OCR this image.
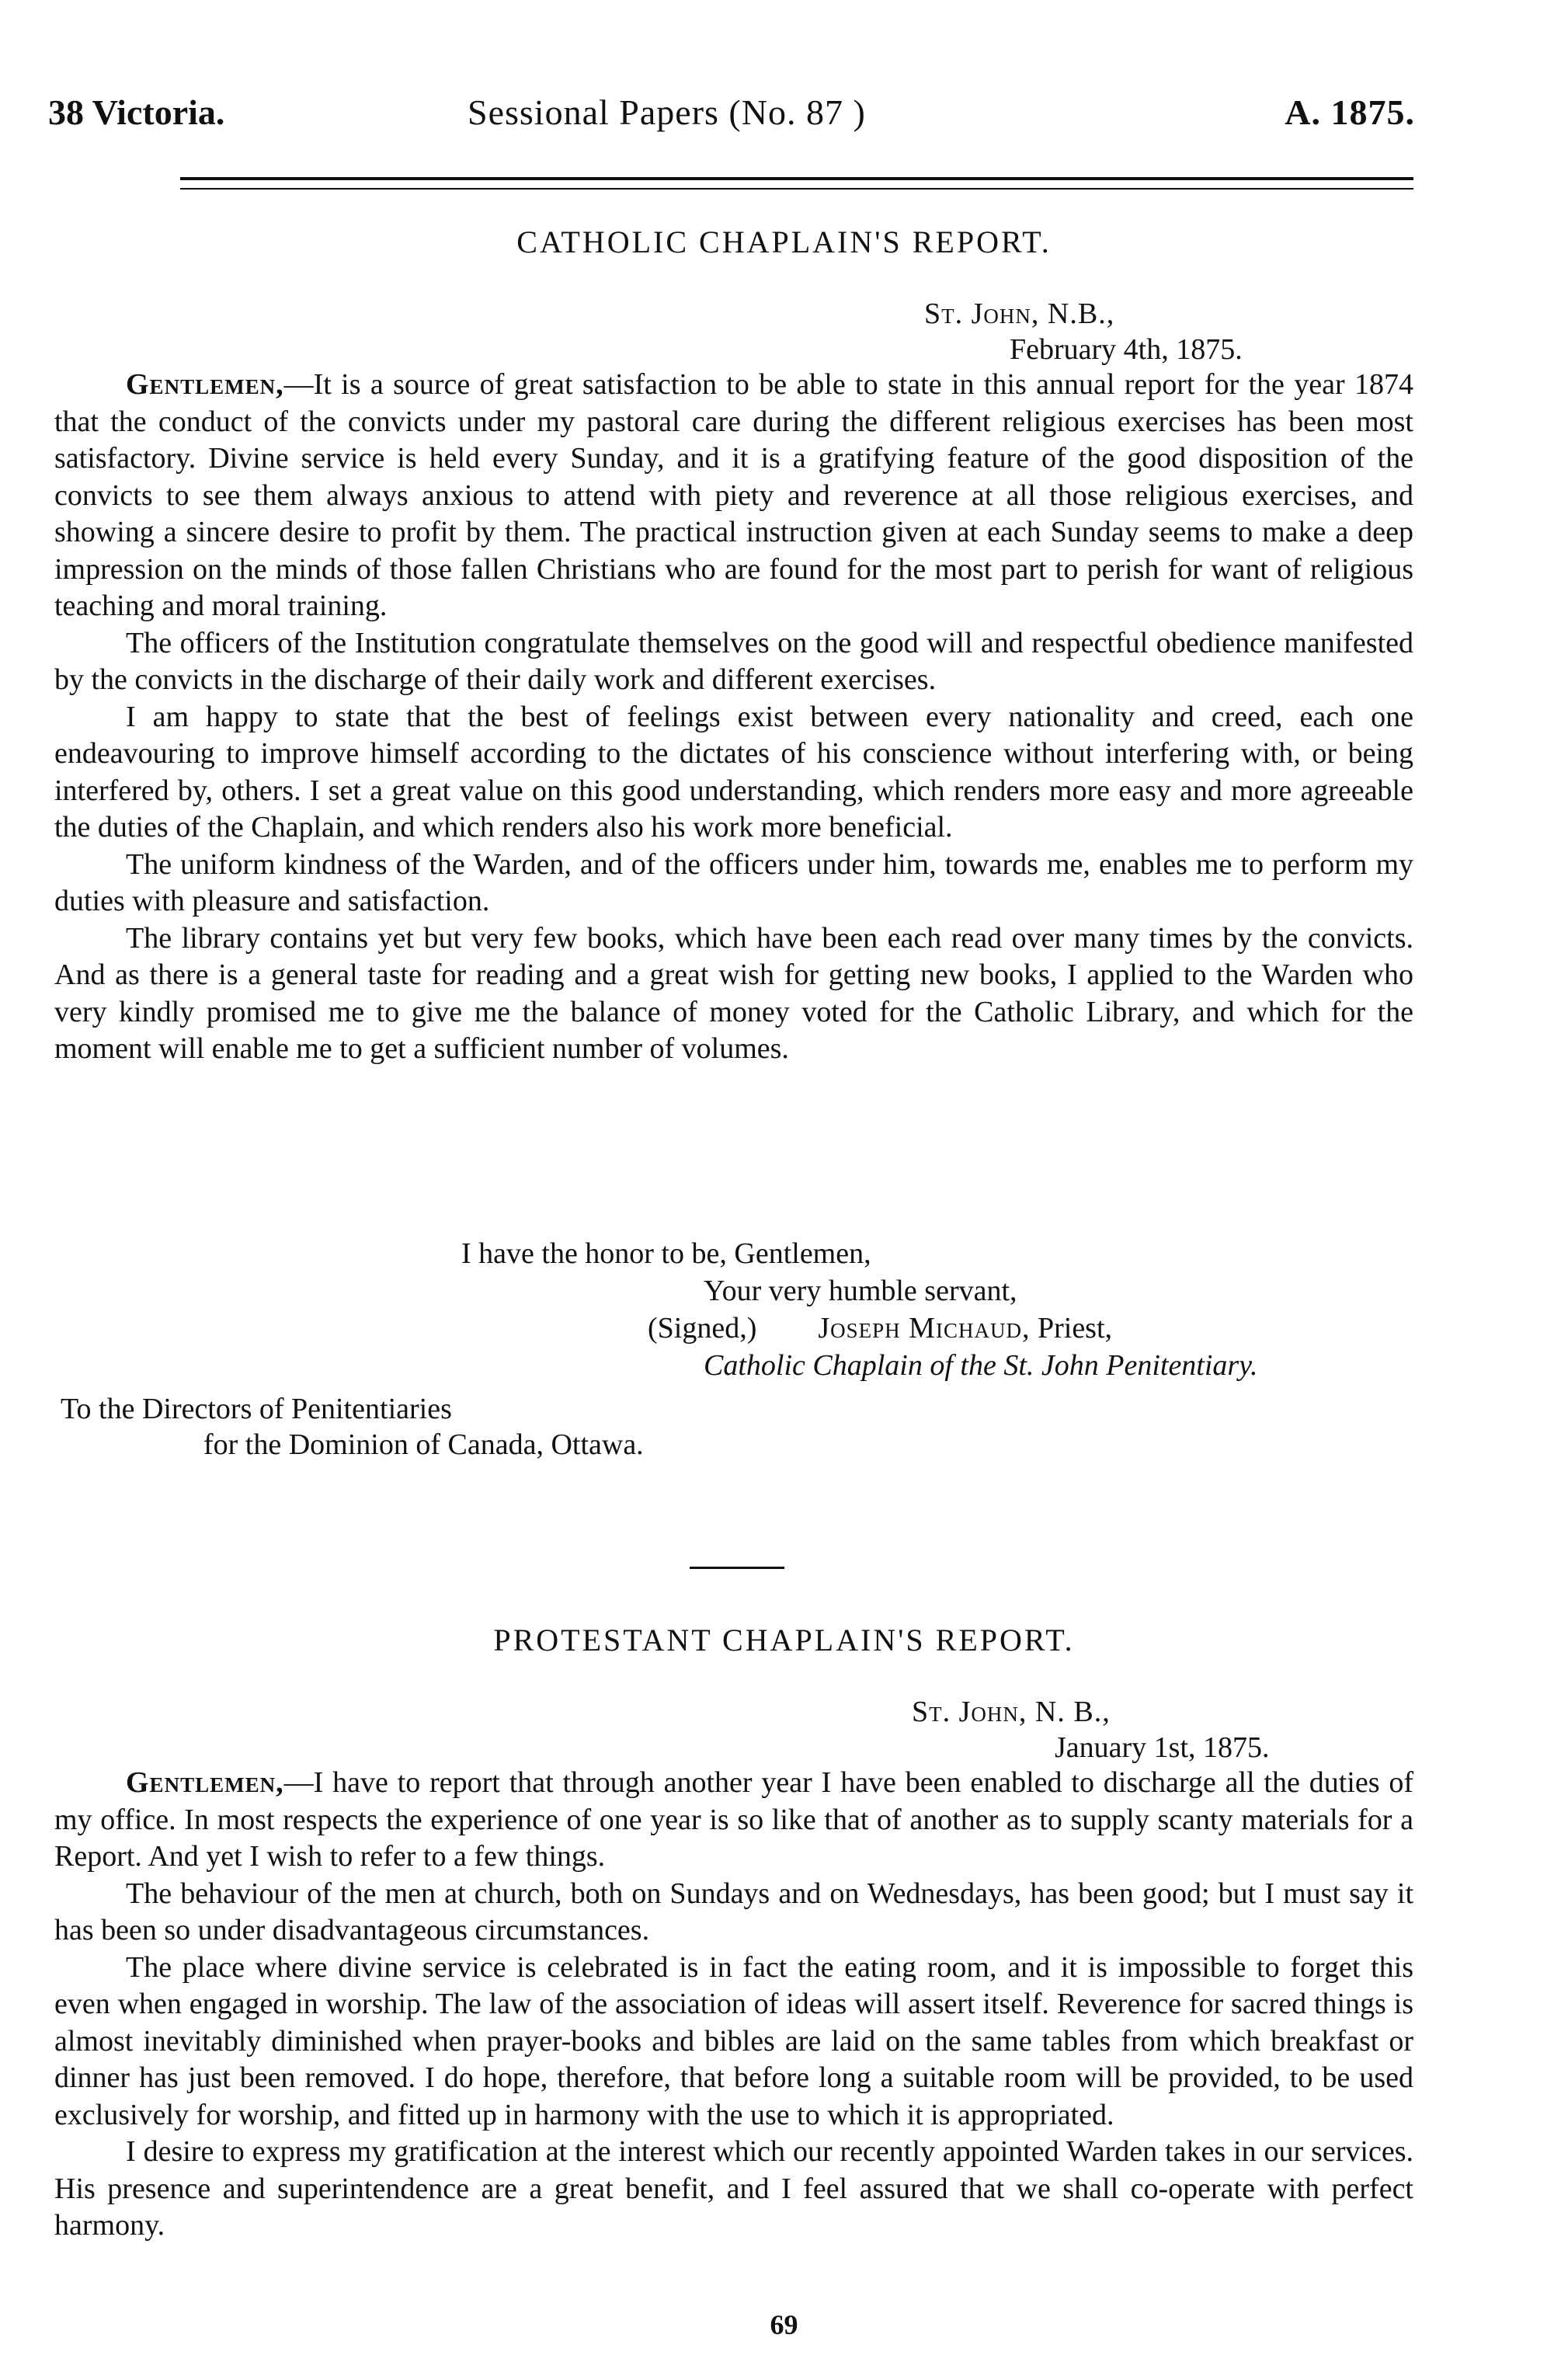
38 Victoria.	Sessional Papers (No. 87 )	A. 1875.
CATHOLIC CHAPLAIN'S REPORT.
St. John, N.B.,
February 4th, 1875.

Gentlemen,—It is a source of great satisfaction to be able to state in this annual report for the year 1874 that the conduct of the convicts under my pastoral care during the different religious exercises has been most satisfactory. Divine service is held every Sunday, and it is a gratifying feature of the good disposition of the convicts to see them always anxious to attend with piety and reverence at all those religious exercises, and showing a sincere desire to profit by them. The practical instruction given at each Sunday seems to make a deep impression on the minds of those fallen Christians who are found for the most part to perish for want of religious teaching and moral training.

The officers of the Institution congratulate themselves on the good will and respectful obedience manifested by the convicts in the discharge of their daily work and different exercises.

I am happy to state that the best of feelings exist between every nationality and creed, each one endeavouring to improve himself according to the dictates of his conscience without interfering with, or being interfered by, others. I set a great value on this good understanding, which renders more easy and more agreeable the duties of the Chaplain, and which renders also his work more beneficial.

The uniform kindness of the Warden, and of the officers under him, towards me, enables me to perform my duties with pleasure and satisfaction.

The library contains yet but very few books, which have been each read over many times by the convicts. And as there is a general taste for reading and a great wish for getting new books, I applied to the Warden who very kindly promised me to give me the balance of money voted for the Catholic Library, and which for the moment will enable me to get a sufficient number of volumes.

I have the honor to be, Gentlemen,
Your very humble servant,
(Signed,) Joseph Michaud, Priest,
Catholic Chaplain of the St. John Penitentiary.
To the Directors of Penitentiaries
for the Dominion of Canada, Ottawa.
PROTESTANT CHAPLAIN'S REPORT.
St. John, N. B.,
January 1st, 1875.

Gentlemen,—I have to report that through another year I have been enabled to discharge all the duties of my office. In most respects the experience of one year is so like that of another as to supply scanty materials for a Report. And yet I wish to refer to a few things.

The behaviour of the men at church, both on Sundays and on Wednesdays, has been good; but I must say it has been so under disadvantageous circumstances.

The place where divine service is celebrated is in fact the eating room, and it is impossible to forget this even when engaged in worship. The law of the association of ideas will assert itself. Reverence for sacred things is almost inevitably diminished when prayer-books and bibles are laid on the same tables from which breakfast or dinner has just been removed. I do hope, therefore, that before long a suitable room will be provided, to be used exclusively for worship, and fitted up in harmony with the use to which it is appropriated.

I desire to express my gratification at the interest which our recently appointed Warden takes in our services. His presence and superintendence are a great benefit, and I feel assured that we shall co-operate with perfect harmony.

69
